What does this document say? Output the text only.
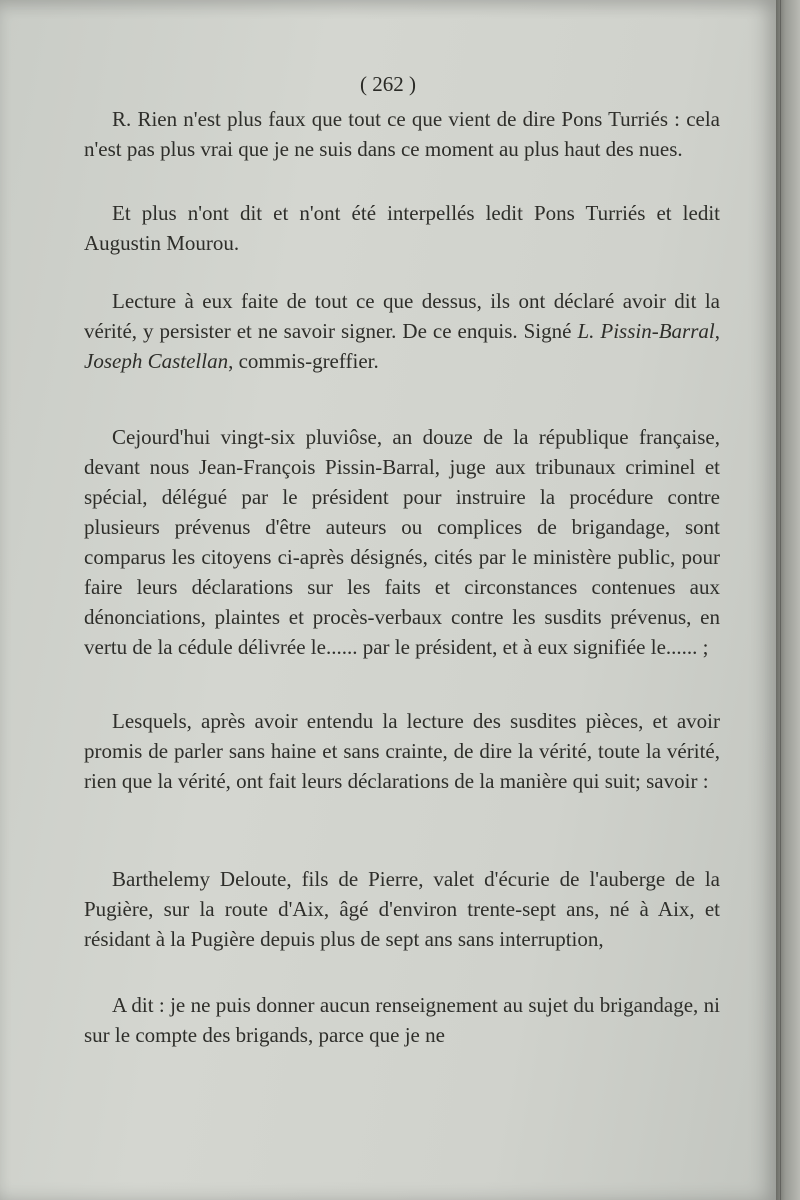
( 262 )

R. Rien n'est plus faux que tout ce que vient de dire Pons Turriés : cela n'est pas plus vrai que je ne suis dans ce moment au plus haut des nues.

Et plus n'ont dit et n'ont été interpellés ledit Pons Turriés et ledit Augustin Mourou.

Lecture à eux faite de tout ce que dessus, ils ont déclaré avoir dit la vérité, y persister et ne savoir signer. De ce enquis. Signé L. Pissin-Barral, Joseph Castellan, commis-greffier.

Cejourd'hui vingt-six pluviôse, an douze de la république française, devant nous Jean-François Pissin-Barral, juge aux tribunaux criminel et spécial, délégué par le président pour instruire la procédure contre plusieurs prévenus d'être auteurs ou complices de brigandage, sont comparus les citoyens ci-après désignés, cités par le ministère public, pour faire leurs déclarations sur les faits et circonstances contenues aux dénonciations, plaintes et procès-verbaux contre les susdits prévenus, en vertu de la cédule délivrée le...... par le président, et à eux signifiée le...... ;

Lesquels, après avoir entendu la lecture des susdites pièces, et avoir promis de parler sans haine et sans crainte, de dire la vérité, toute la vérité, rien que la vérité, ont fait leurs déclarations de la manière qui suit; savoir :

Barthelemy Deloute, fils de Pierre, valet d'écurie de l'auberge de la Pugière, sur la route d'Aix, âgé d'environ trente-sept ans, né à Aix, et résidant à la Pugière depuis plus de sept ans sans interruption,

A dit : je ne puis donner aucun renseignement au sujet du brigandage, ni sur le compte des brigands, parce que je ne
